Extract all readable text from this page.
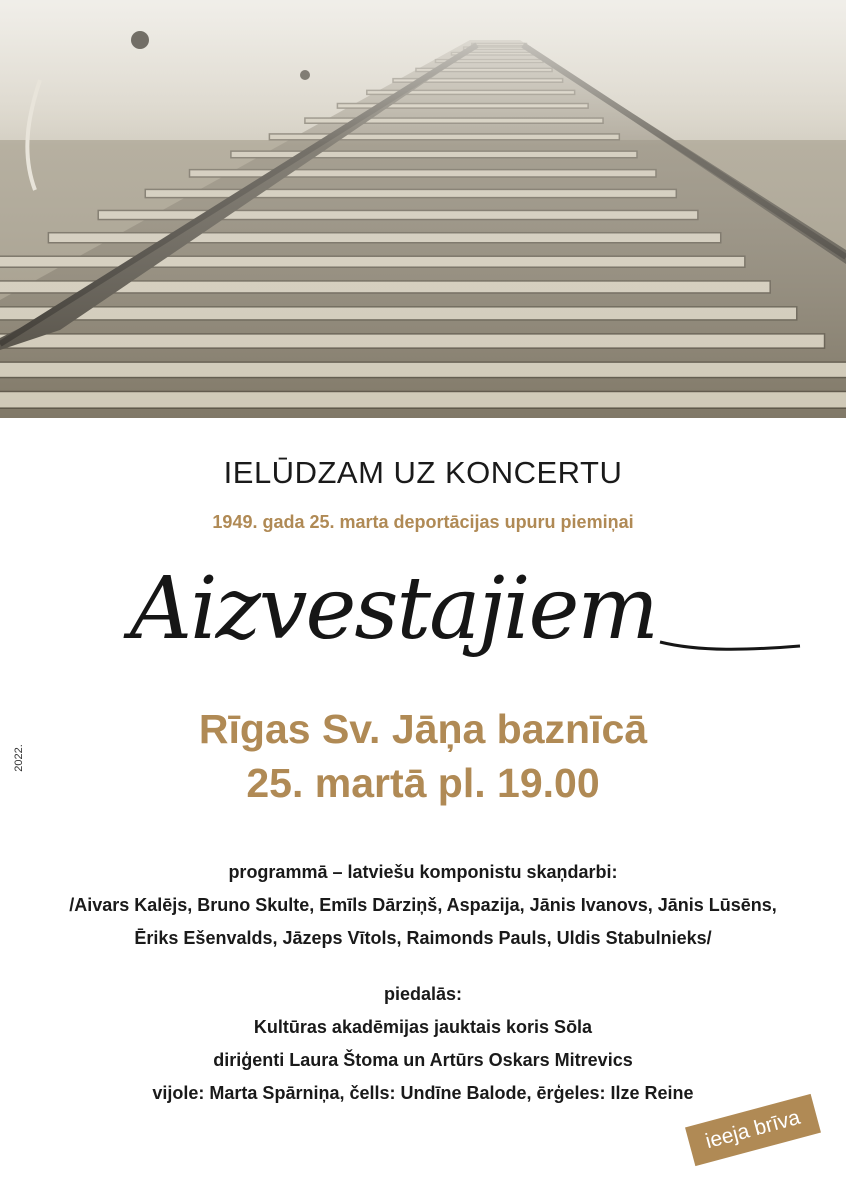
IELŪDZAM UZ KONCERTU
1949. gada 25. marta deportācijas upuru piemiņai
Aizvestajiem
2022.
Rīgas Sv. Jāņa baznīcā
25. martā pl. 19.00
programmā – latviešu komponistu skaņdarbi:
/Aivars Kalējs, Bruno Skulte, Emīls Dārziņš, Aspazija, Jānis Ivanovs, Jānis Lūsēns,
Ēriks Ešenvalds, Jāzeps Vītols, Raimonds Pauls, Uldis Stabulnieks/
piedalās:
Kultūras akadēmijas jauktais koris Sōla
diriģenti Laura Štoma un Artūrs Oskars Mitrevics
vijole: Marta Spārniņa, čells: Undīne Balode, ērģeles: Ilze Reine
ieeja brīva
